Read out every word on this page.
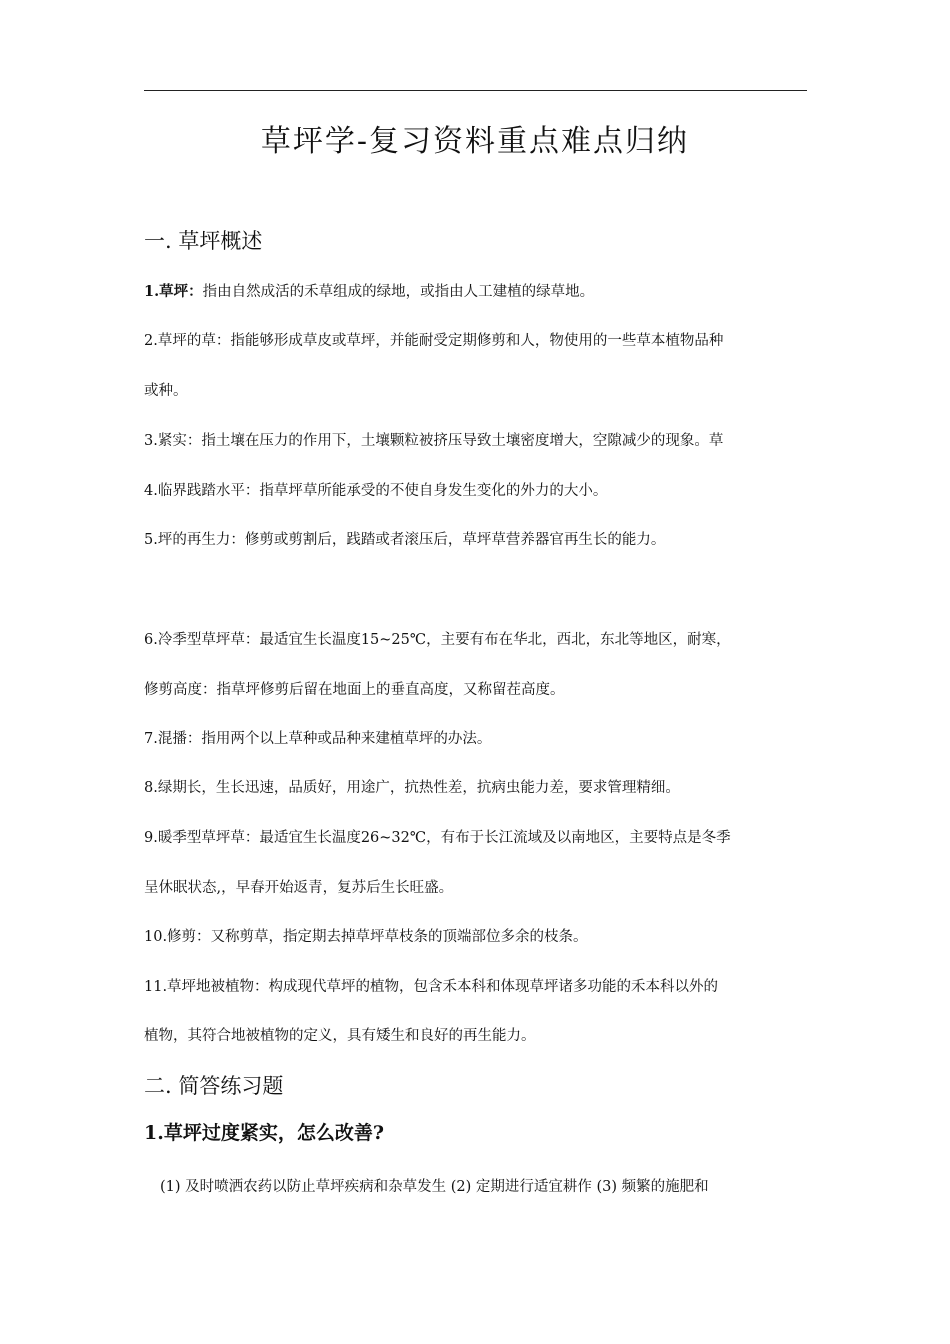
草坪学-复习资料重点难点归纳
一. 草坪概述

1.草坪：指由自然成活的禾草组成的绿地，或指由人工建植的绿草地。

2.草坪的草：指能够形成草皮或草坪，并能耐受定期修剪和人，物使用的一些草本植物品种

或种。

3.紧实：指土壤在压力的作用下，土壤颗粒被挤压导致土壤密度增大，空隙减少的现象。草

4.临界践踏水平：指草坪草所能承受的不使自身发生变化的外力的大小。

5.坪的再生力：修剪或剪割后，践踏或者滚压后，草坪草营养器官再生长的能力。

6.冷季型草坪草：最适宜生长温度15~25℃，主要有布在华北，西北，东北等地区，耐寒，

修剪高度：指草坪修剪后留在地面上的垂直高度，又称留茬高度。

7.混播：指用两个以上草种或品种来建植草坪的办法。

8.绿期长，生长迅速，品质好，用途广，抗热性差，抗病虫能力差，要求管理精细。

9.暖季型草坪草：最适宜生长温度26~32℃，有布于长江流域及以南地区，主要特点是冬季

呈休眠状态,，早春开始返青，复苏后生长旺盛。

10.修剪：又称剪草，指定期去掉草坪草枝条的顶端部位多余的枝条。

11.草坪地被植物：构成现代草坪的植物，包含禾本科和体现草坪诸多功能的禾本科以外的

植物，其符合地被植物的定义，具有矮生和良好的再生能力。

二. 简答练习题
1.草坪过度紧实，怎么改善?

(1) 及时喷洒农药以防止草坪疾病和杂草发生 (2) 定期进行适宜耕作 (3) 频繁的施肥和
